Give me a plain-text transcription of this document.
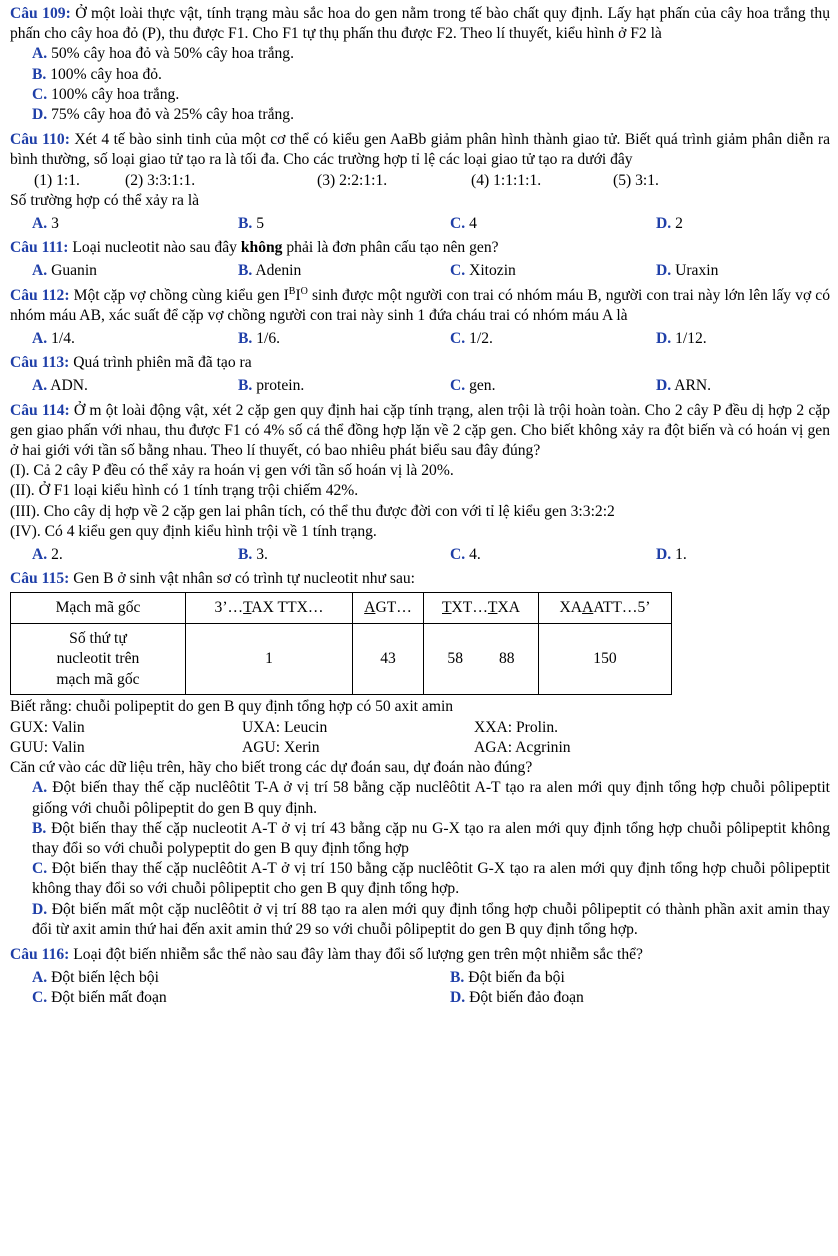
Câu 109: Ở một loài thực vật, tính trạng màu sắc hoa do gen nằm trong tế bào chất quy định. Lấy hạt phấn của cây hoa trắng thụ phấn cho cây hoa đỏ (P), thu được F1. Cho F1 tự thụ phấn thu được F2. Theo lí thuyết, kiểu hình ở F2 là
A. 50% cây hoa đỏ và 50% cây hoa trắng.
B. 100% cây hoa đỏ.
C. 100% cây hoa trắng.
D. 75% cây hoa đỏ và 25% cây hoa trắng.
Câu 110: Xét 4 tế bào sinh tinh của một cơ thể có kiểu gen AaBb giảm phân hình thành giao tử. Biết quá trình giảm phân diễn ra bình thường, số loại giao tử tạo ra là tối đa. Cho các trường hợp tỉ lệ các loại giao tử tạo ra dưới đây
(1) 1:1.	(2) 3:3:1:1.	(3) 2:2:1:1.	(4) 1:1:1:1.	(5) 3:1.
Số trường hợp có thể xảy ra là
A. 3	B. 5	C. 4	D. 2
Câu 111: Loại nucleotit nào sau đây không phải là đơn phân cấu tạo nên gen?
A. Guanin	B. Adenin	C. Xitozin	D. Uraxin
Câu 112: Một cặp vợ chồng cùng kiểu gen $I^BI^O$ sinh được một người con trai có nhóm máu B, người con trai này lớn lên lấy vợ có nhóm máu AB, xác suất để cặp vợ chồng người con trai này sinh 1 đứa cháu trai có nhóm máu A là
A. 1/4.	B. 1/6.	C. 1/2.	D. 1/12.
Câu 113: Quá trình phiên mã đã tạo ra
A. ADN.	B. protein.	C. gen.	D. ARN.
Câu 114: Ở m ột loài động vật, xét 2 cặp gen quy định hai cặp tính trạng, alen trội là trội hoàn toàn. Cho 2 cây P đều dị hợp 2 cặp gen giao phấn với nhau, thu được F1 có 4% số cá thể đồng hợp lặn về 2 cặp gen. Cho biết không xảy ra đột biến và có hoán vị gen ở hai giới với tần số bằng nhau. Theo lí thuyết, có bao nhiêu phát biểu sau đây đúng?
(I). Cả 2 cây P đều có thể xảy ra hoán vị gen với tần số hoán vị là 20%.
(II). Ở F1 loại kiểu hình có 1 tính trạng trội chiếm 42%.
(III). Cho cây dị hợp về 2 cặp gen lai phân tích, có thể thu được đời con với tỉ lệ kiểu gen 3:3:2:2
(IV). Có 4 kiểu gen quy định kiểu hình trội về 1 tính trạng.
A. 2.	B. 3.	C. 4.	D. 1.
Câu 115: Gen B ở sinh vật nhân sơ có trình tự nucleotit như sau:
Mạch mã gốc	3’…TAX TTX…	AGT…	TXT…TXA	XAAATT…5’
Số thứ tự nucleotit trên mạch mã gốc	1	43	58 88	150
Biết rằng: chuỗi polipeptit do gen B quy định tổng hợp có 50 axit amin
GUX: Valin	UXA: Leucin	XXA: Prolin.
GUU: Valin	AGU: Xerin	AGA: Acgrinin
Căn cứ vào các dữ liệu trên, hãy cho biết trong các dự đoán sau, dự đoán nào đúng?
A. Đột biến thay thế cặp nuclêôtit T-A ở vị trí 58 bằng cặp nuclêôtit A-T tạo ra alen mới quy định tổng hợp chuỗi pôlipeptit giống với chuỗi pôlipeptit do gen B quy định.
B. Đột biến thay thế cặp nucleotit A-T ở vị trí 43 bằng cặp nu G-X tạo ra alen mới quy định tổng hợp chuỗi pôlipeptit không thay đổi so với chuỗi polypeptit do gen B quy định tổng hợp
C. Đột biến thay thế cặp nuclêôtit A-T ở vị trí 150 bằng cặp nuclêôtit G-X tạo ra alen mới quy định tổng hợp chuỗi pôlipeptit không thay đổi so với chuỗi pôlipeptit cho gen B quy định tổng hợp.
D. Đột biến mất một cặp nuclêôtit ở vị trí 88 tạo ra alen mới quy định tổng hợp chuỗi pôlipeptit có thành phần axit amin thay đổi từ axit amin thứ hai đến axit amin thứ 29 so với chuỗi pôlipeptit do gen B quy định tổng hợp.
Câu 116: Loại đột biến nhiễm sắc thể nào sau đây làm thay đổi số lượng gen trên một nhiễm sắc thể?
A. Đột biến lệch bội	B. Đột biến đa bội
C. Đột biến mất đoạn	D. Đột biến đảo đoạn
